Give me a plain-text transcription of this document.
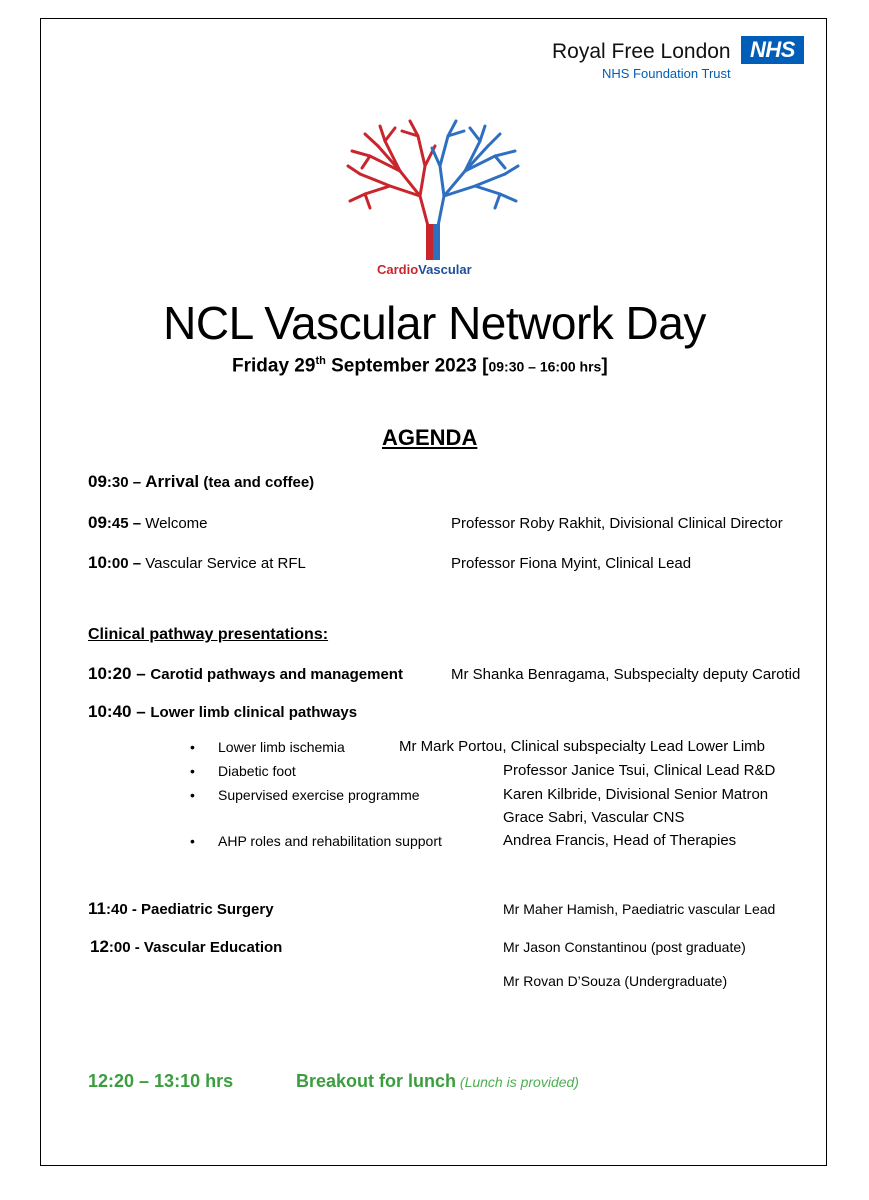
Royal Free London
NHS Foundation Trust
NHS
CardioVascular
NCL Vascular Network Day
Friday 29th September 2023 [09:30 – 16:00 hrs]
AGENDA
09:30 – Arrival (tea and coffee)
09:45 – Welcome	Professor Roby Rakhit, Divisional Clinical Director
10:00 – Vascular Service at RFL	Professor Fiona Myint, Clinical Lead
Clinical pathway presentations:
10:20 – Carotid pathways and management	Mr Shanka Benragama, Subspecialty deputy Carotid
10:40 – Lower limb clinical pathways
• Lower limb ischemia	Mr Mark Portou, Clinical subspecialty Lead Lower Limb
• Diabetic foot	Professor Janice Tsui, Clinical Lead R&D
• Supervised exercise programme	Karen Kilbride, Divisional Senior Matron
Grace Sabri, Vascular CNS
• AHP roles and rehabilitation support	Andrea Francis, Head of Therapies
11:40 - Paediatric Surgery	Mr Maher Hamish, Paediatric vascular Lead
12:00 - Vascular Education	Mr Jason Constantinou (post graduate)
Mr Rovan D’Souza (Undergraduate)
12:20 – 13:10 hrs	Breakout for lunch (Lunch is provided)
